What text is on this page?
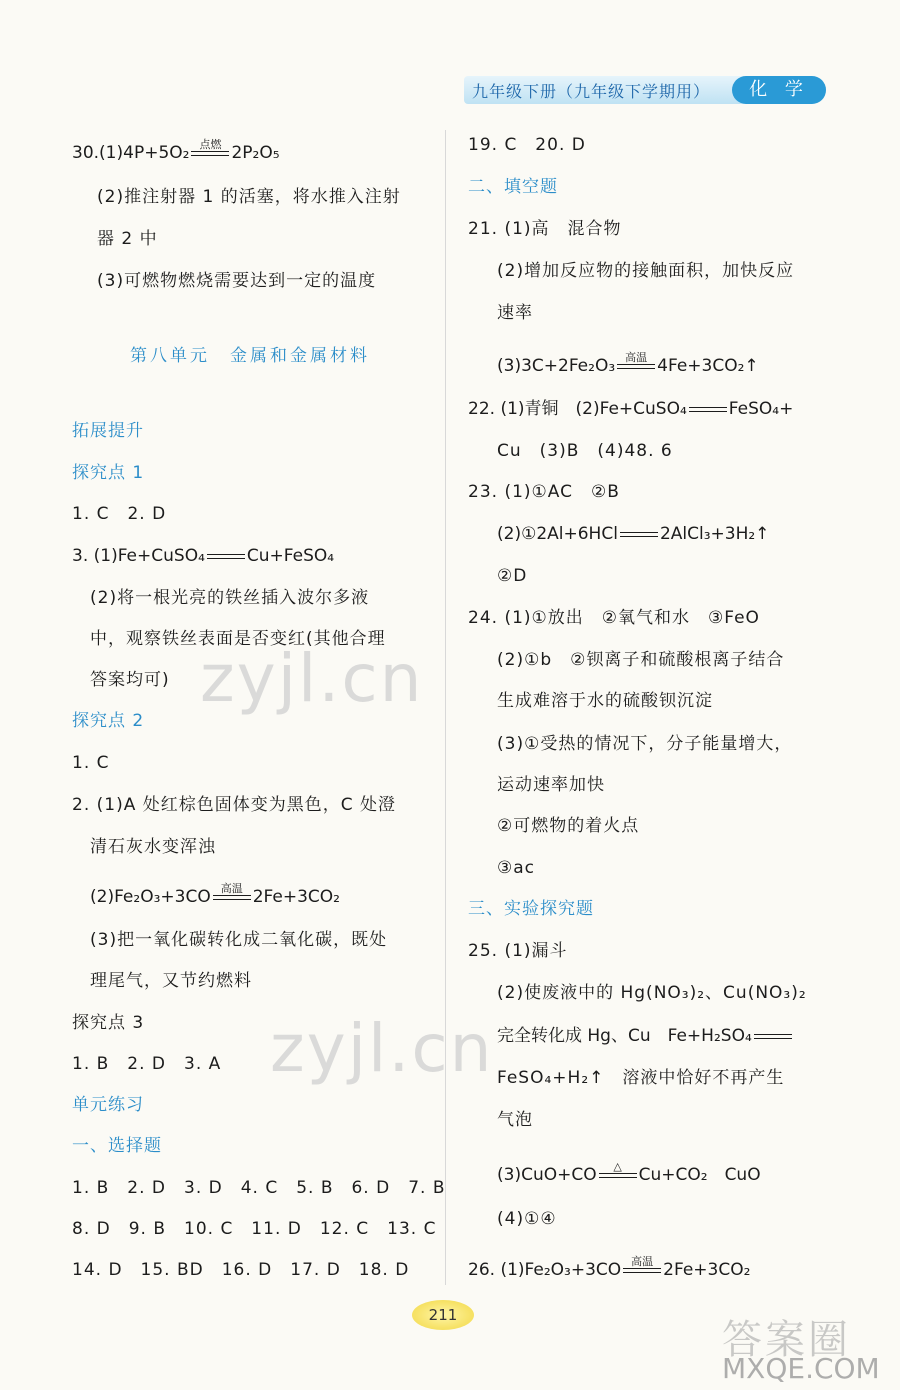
九年级下册（九年级下学期用）	化 学
30.(1)4P+5O₂ 点燃 2P₂O₅
(2)推注射器 1 的活塞，将水推入注射
器 2 中
(3)可燃物燃烧需要达到一定的温度
第八单元　金属和金属材料
拓展提升
探究点 1
1. C　2. D
3. (1)Fe+CuSO₄ Cu+FeSO₄
(2)将一根光亮的铁丝插入波尔多液
中，观察铁丝表面是否变红(其他合理
答案均可)
探究点 2
1. C
2. (1)A 处红棕色固体变为黑色，C 处澄
清石灰水变浑浊
(2)Fe₂O₃+3CO 高温 2Fe+3CO₂
(3)把一氧化碳转化成二氧化碳，既处
理尾气，又节约燃料
探究点 3
1. B　2. D　3. A
单元练习
一、选择题
1. B　2. D　3. D　4. C　5. B　6. D　7. B
8. D　9. B　10. C　11. D　12. C　13. C
14. D　15. BD　16. D　17. D　18. D
19. C　20. D
二、填空题
21. (1)高　混合物
(2)增加反应物的接触面积，加快反应
速率
(3)3C+2Fe₂O₃ 高温 4Fe+3CO₂↑
22. (1)青铜　(2)Fe+CuSO₄ FeSO₄+
Cu　(3)B　(4)48. 6
23. (1)①AC　②B
(2)①2Al+6HCl 2AlCl₃+3H₂↑
②D
24. (1)①放出　②氧气和水　③FeO
(2)①b　②钡离子和硫酸根离子结合
生成难溶于水的硫酸钡沉淀
(3)①受热的情况下，分子能量增大，
运动速率加快
②可燃物的着火点
③ac
三、实验探究题
25. (1)漏斗
(2)使废液中的 Hg(NO₃)₂、Cu(NO₃)₂
完全转化成 Hg、Cu　Fe+H₂SO₄
FeSO₄+H₂↑　溶液中恰好不再产生
气泡
(3)CuO+CO	△ Cu+CO₂　CuO
(4)①④
26. (1)Fe₂O₃+3CO 高温 2Fe+3CO₂
zyjl.cn
zyjl.cn
答案圈
MXQE.COM
211
